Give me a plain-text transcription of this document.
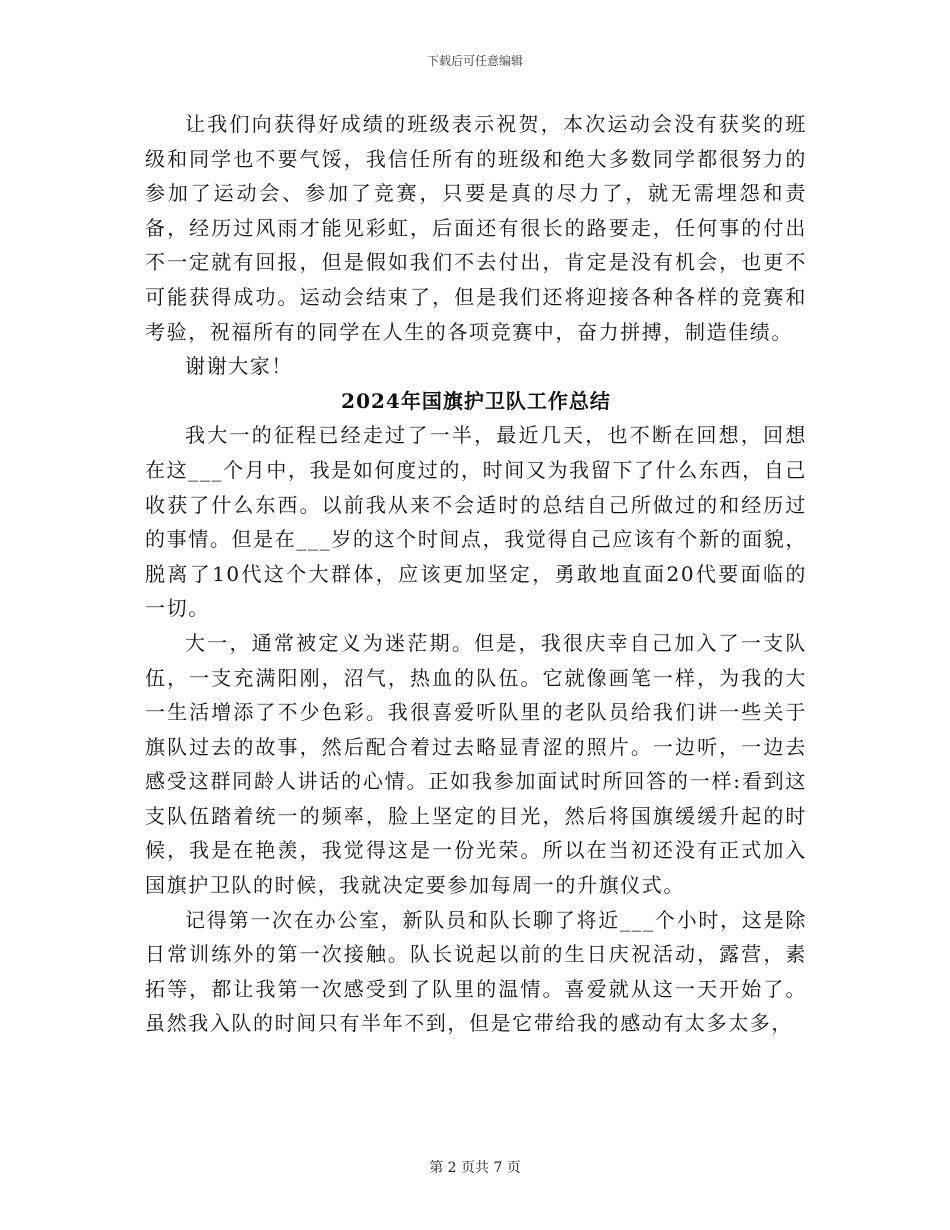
下载后可任意编辑

让我们向获得好成绩的班级表示祝贺，本次运动会没有获奖的班级和同学也不要气馁，我信任所有的班级和绝大多数同学都很努力的参加了运动会、参加了竞赛，只要是真的尽力了，就无需埋怨和责备，经历过风雨才能见彩虹，后面还有很长的路要走，任何事的付出不一定就有回报，但是假如我们不去付出，肯定是没有机会，也更不可能获得成功。运动会结束了，但是我们还将迎接各种各样的竞赛和考验，祝福所有的同学在人生的各项竞赛中，奋力拼搏，制造佳绩。

谢谢大家！

2024年国旗护卫队工作总结

我大一的征程已经走过了一半，最近几天，也不断在回想，回想在这___个月中，我是如何度过的，时间又为我留下了什么东西，自己收获了什么东西。以前我从来不会适时的总结自己所做过的和经历过的事情。但是在___岁的这个时间点，我觉得自己应该有个新的面貌，脱离了10代这个大群体，应该更加坚定，勇敢地直面20代要面临的一切。

大一，通常被定义为迷茫期。但是，我很庆幸自己加入了一支队伍，一支充满阳刚，沼气，热血的队伍。它就像画笔一样，为我的大一生活增添了不少色彩。我很喜爱听队里的老队员给我们讲一些关于旗队过去的故事，然后配合着过去略显青涩的照片。一边听，一边去感受这群同龄人讲话的心情。正如我参加面试时所回答的一样:看到这支队伍踏着统一的频率，脸上坚定的目光，然后将国旗缓缓升起的时候，我是在艳羡，我觉得这是一份光荣。所以在当初还没有正式加入国旗护卫队的时候，我就决定要参加每周一的升旗仪式。

记得第一次在办公室，新队员和队长聊了将近___个小时，这是除日常训练外的第一次接触。队长说起以前的生日庆祝活动，露营，素拓等，都让我第一次感受到了队里的温情。喜爱就从这一天开始了。虽然我入队的时间只有半年不到，但是它带给我的感动有太多太多，

第 2 页共 7 页
